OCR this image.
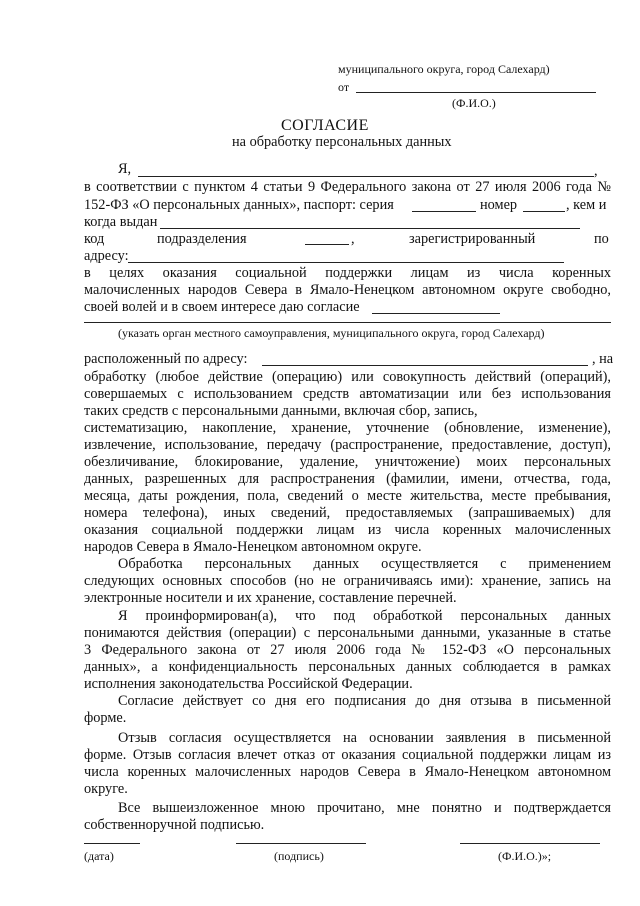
муниципального округа, город Салехард)
от
(Ф.И.О.)
СОГЛАСИЕ
на обработку персональных данных
Я,	,
в соответствии с пунктом 4 статьи 9 Федерального закона от 27 июля 2006 года №
152-ФЗ «О персональных данных», паспорт: серия	номер	, кем и
когда выдан
код	подразделения	,	зарегистрированный	по
адресу:
в целях оказания социальной поддержки лицам из числа коренных
малочисленных народов Севера в Ямало-Ненецком автономном округе свободно,
своей волей и в своем интересе даю согласие
(указать орган местного самоуправления, муниципального округа, город Салехард)
расположенный по адресу:	, на
обработку (любое действие (операцию) или совокупность действий (операций),
совершаемых с использованием средств автоматизации или без использования
таких средств с персональными данными, включая сбор, запись,
систематизацию, накопление, хранение, уточнение (обновление, изменение),
извлечение, использование, передачу (распространение, предоставление, доступ),
обезличивание, блокирование, удаление, уничтожение) моих персональных
данных, разрешенных для распространения (фамилии, имени, отчества, года,
месяца, даты рождения, пола, сведений о месте жительства, месте пребывания,
номера телефона), иных сведений, предоставляемых (запрашиваемых) для
оказания социальной поддержки лицам из числа коренных малочисленных
народов Севера в Ямало-Ненецком автономном округе.
Обработка персональных данных осуществляется с применением
следующих основных способов (но не ограничиваясь ими): хранение, запись на
электронные носители и их хранение, составление перечней.
Я проинформирован(а), что под обработкой персональных данных
понимаются действия (операции) с персональными данными, указанные в статье
3 Федерального закона от 27 июля 2006 года № 152-ФЗ «О персональных
данных», а конфиденциальность персональных данных соблюдается в рамках
исполнения законодательства Российской Федерации.
Согласие действует со дня его подписания до дня отзыва в письменной
форме.
Отзыв согласия осуществляется на основании заявления в письменной
форме. Отзыв согласия влечет отказ от оказания социальной поддержки лицам из
числа коренных малочисленных народов Севера в Ямало-Ненецком автономном
округе.
Все вышеизложенное мною прочитано, мне понятно и подтверждается
собственноручной подписью.
(дата)	(подпись)	(Ф.И.О.)»;
